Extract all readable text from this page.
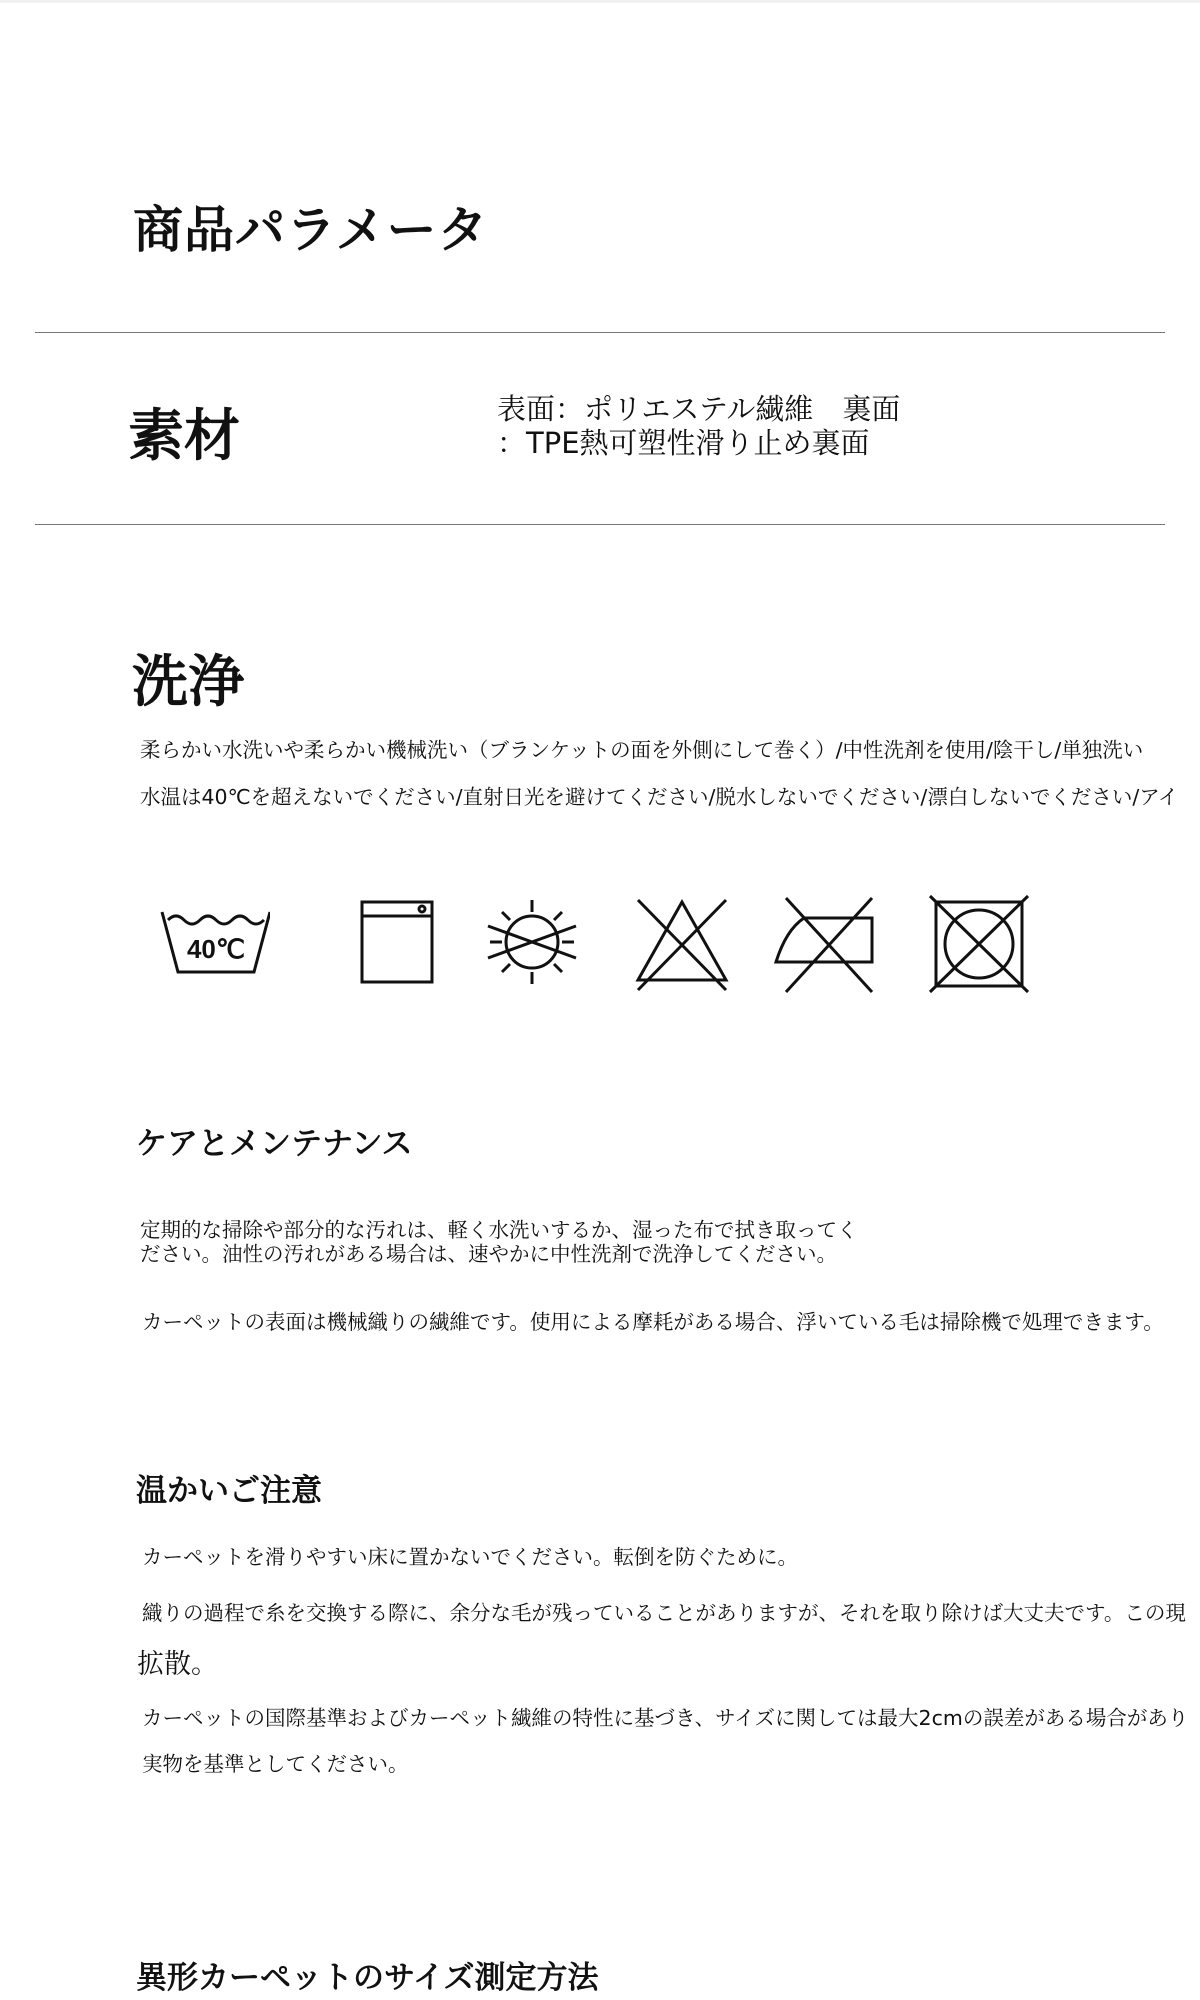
商品パラメータ
素材	表面：ポリエステル繊維　裏面
：TPE熱可塑性滑り止め裏面
洗浄
柔らかい水洗いや柔らかい機械洗い（ブランケットの面を外側にして巻く）/中性洗剤を使用/陰干し/単独洗い
水温は40℃を超えないでください/直射日光を避けてください/脱水しないでください/漂白しないでください/アイ
40℃
ケアとメンテナンス
定期的な掃除や部分的な汚れは、軽く水洗いするか、湿った布で拭き取ってく
ださい。油性の汚れがある場合は、速やかに中性洗剤で洗浄してください。
カーペットの表面は機械織りの繊維です。使用による摩耗がある場合、浮いている毛は掃除機で処理できます。
温かいご注意
カーペットを滑りやすい床に置かないでください。転倒を防ぐために。
織りの過程で糸を交換する際に、余分な毛が残っていることがありますが、それを取り除けば大丈夫です。この現
拡散。
カーペットの国際基準およびカーペット繊維の特性に基づき、サイズに関しては最大2cmの誤差がある場合があり
実物を基準としてください。
異形カーペットのサイズ測定方法
